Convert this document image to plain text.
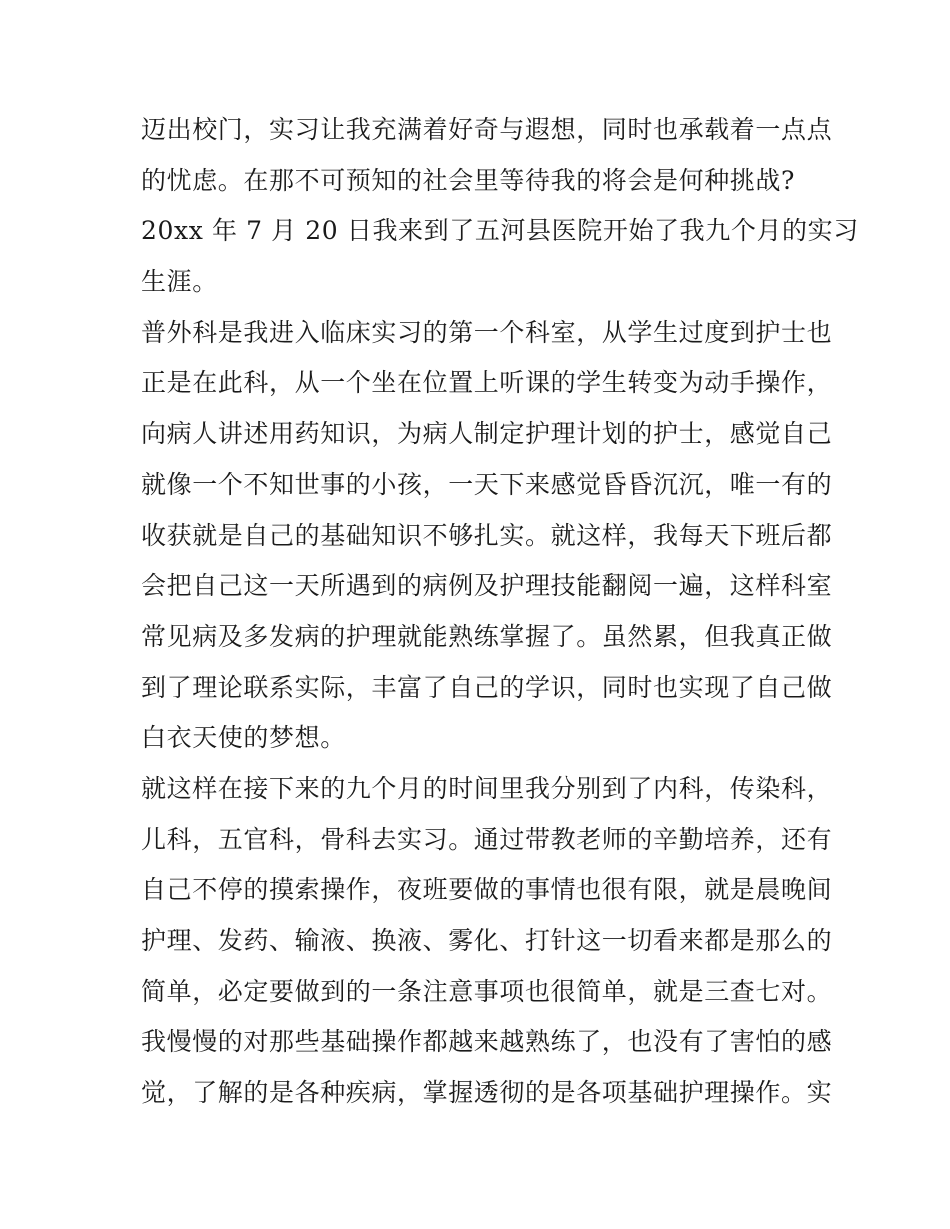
迈出校门，实习让我充满着好奇与遐想，同时也承载着一点点
的忧虑。在那不可预知的社会里等待我的将会是何种挑战?
20xx 年 7 月 20 日我来到了五河县医院开始了我九个月的实习
生涯。
普外科是我进入临床实习的第一个科室，从学生过度到护士也
正是在此科，从一个坐在位置上听课的学生转变为动手操作，
向病人讲述用药知识，为病人制定护理计划的护士，感觉自己
就像一个不知世事的小孩，一天下来感觉昏昏沉沉，唯一有的
收获就是自己的基础知识不够扎实。就这样，我每天下班后都
会把自己这一天所遇到的病例及护理技能翻阅一遍，这样科室
常见病及多发病的护理就能熟练掌握了。虽然累，但我真正做
到了理论联系实际，丰富了自己的学识，同时也实现了自己做
白衣天使的梦想。
就这样在接下来的九个月的时间里我分别到了内科，传染科，
儿科，五官科，骨科去实习。通过带教老师的辛勤培养，还有
自己不停的摸索操作，夜班要做的事情也很有限，就是晨晚间
护理、发药、输液、换液、雾化、打针这一切看来都是那么的
简单，必定要做到的一条注意事项也很简单，就是三查七对。
我慢慢的对那些基础操作都越来越熟练了，也没有了害怕的感
觉，了解的是各种疾病，掌握透彻的是各项基础护理操作。实
